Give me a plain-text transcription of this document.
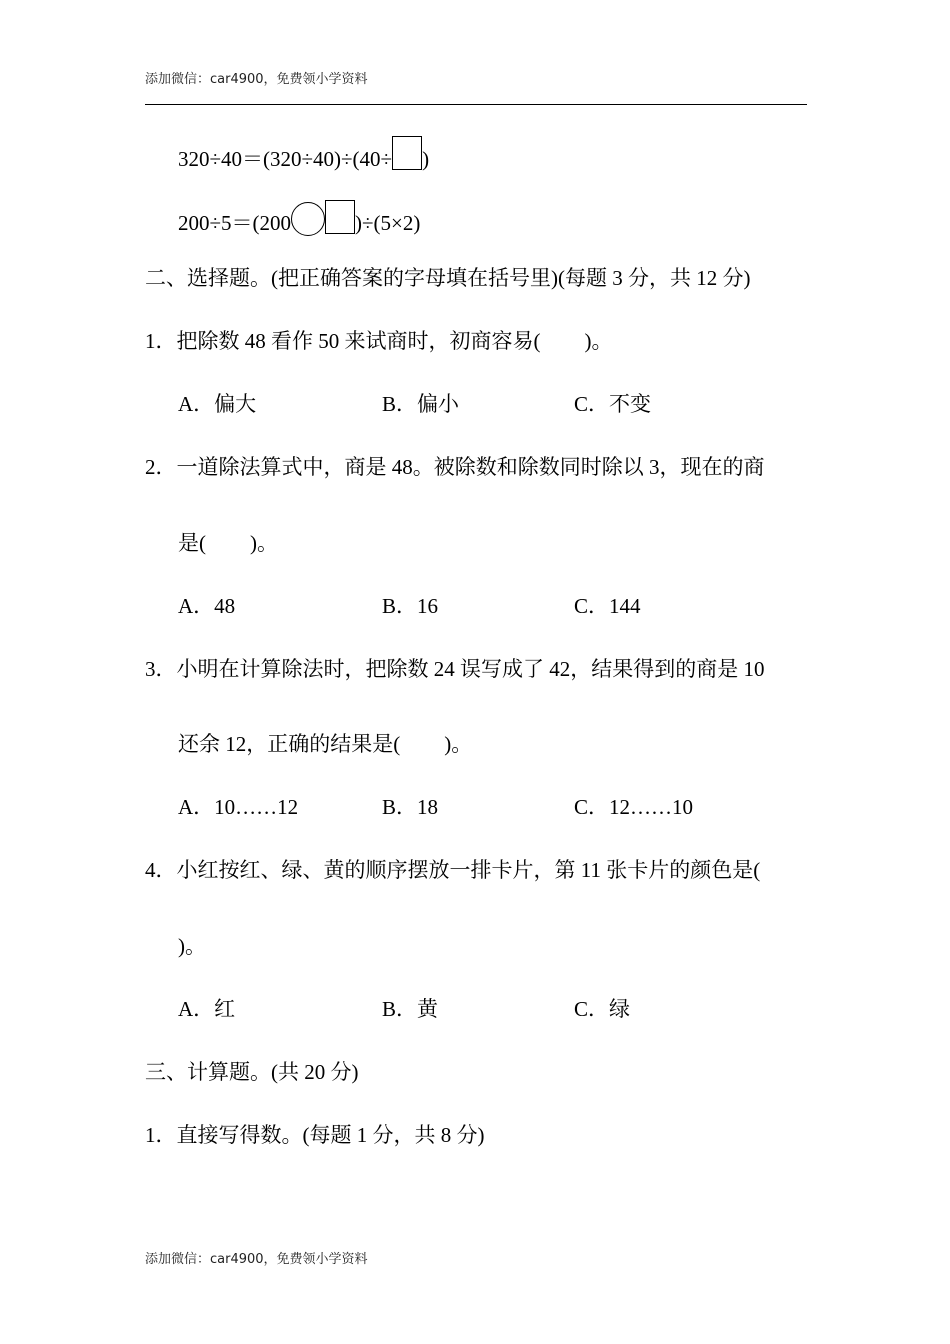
添加微信：car4900，免费领小学资料
320÷40＝(320÷40)÷(40÷ )
200÷5＝(200	)÷(5×2)
二、选择题。(把正确答案的字母填在括号里)(每题 3 分，共 12 分)
1．把除数 48 看作 50 来试商时，初商容易( )。
A．偏大	B．偏小	C．不变
2．一道除法算式中，商是 48。被除数和除数同时除以 3，现在的商
是( )。
A．48	B．16	C．144
3．小明在计算除法时，把除数 24 误写成了 42，结果得到的商是 10
还余 12，正确的结果是( )。
A．10……12	B．18	C．12……10
4．小红按红、绿、黄的顺序摆放一排卡片，第 11 张卡片的颜色是(
)。
A．红	B．黄	C．绿
三、计算题。(共 20 分)
1．直接写得数。(每题 1 分，共 8 分)
添加微信：car4900，免费领小学资料
